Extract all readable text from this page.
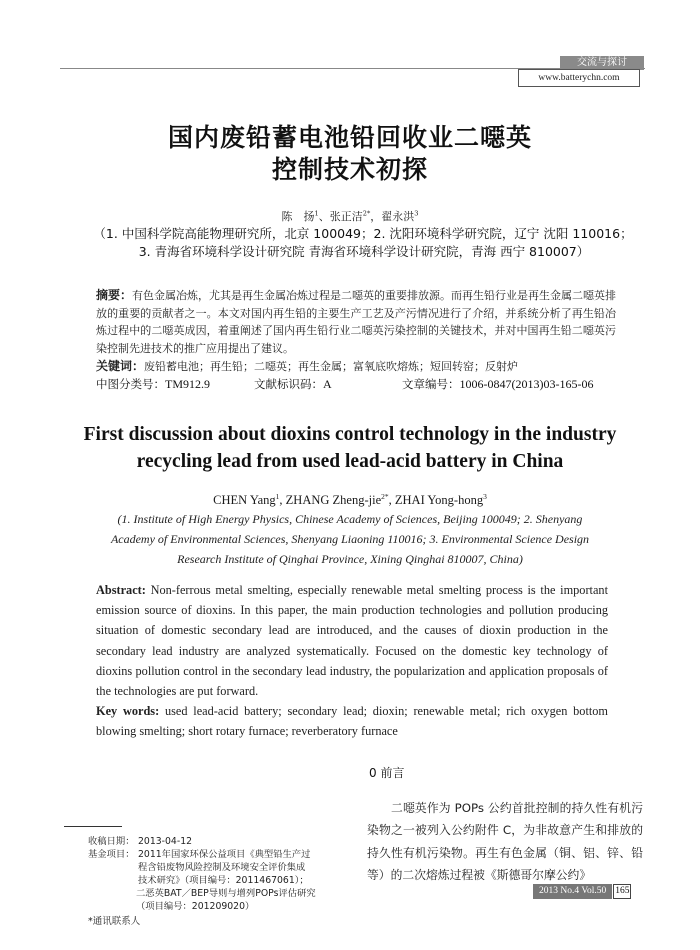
交流与探讨
www.batterychn.com
国内废铅蓄电池铅回收业二噁英
控制技术初探
陈　扬$^1$、张正洁$^{2*}$，翟永洪$^3$
（1. 中国科学院高能物理研究所，北京 100049；2. 沈阳环境科学研究院，辽宁 沈阳 110016；
3. 青海省环境科学设计研究院 青海省环境科学设计研究院，青海 西宁 810007）
摘要：有色金属冶炼，尤其是再生金属冶炼过程是二噁英的重要排放源。而再生铅行业是再生金属二噁英排放的重要的贡献者之一。本文对国内再生铅的主要生产工艺及产污情况进行了介绍，并系统分析了再生铅冶炼过程中的二噁英成因，着重阐述了国内再生铅行业二噁英污染控制的关键技术，并对中国再生铅二噁英污染控制先进技术的推广应用提出了建议。
关键词：废铅蓄电池；再生铅；二噁英；再生金属；富氧底吹熔炼；短回转窑；反射炉
中图分类号：TM912.9	文献标识码：A	文章编号：1006-0847(2013)03-165-06
First discussion about dioxins control technology in the industry
recycling lead from used lead-acid battery in China
CHEN Yang$^1$, ZHANG Zheng-jie$^{2*}$, ZHAI Yong-hong$^3$
(1. Institute of High Energy Physics, Chinese Academy of Sciences, Beijing 100049; 2. Shenyang
Academy of Environmental Sciences, Shenyang Liaoning 110016; 3. Environmental Science Design
Research Institute of Qinghai Province, Xining Qinghai 810007, China)
Abstract: Non-ferrous metal smelting, especially renewable metal smelting process is the important emission source of dioxins. In this paper, the main production technologies and pollution producing situation of domestic secondary lead are introduced, and the causes of dioxin production in the secondary lead industry are analyzed systematically. Focused on the domestic key technology of dioxins pollution control in the secondary lead industry, the popularization and application proposals of the technologies are put forward.
Key words: used lead-acid battery; secondary lead; dioxin; renewable metal; rich oxygen bottom blowing smelting; short rotary furnace; reverberatory furnace
0 前言
二噁英作为 POPs 公约首批控制的持久性有机污染物之一被列入公约附件 C，为非故意产生和排放的持久性有机污染物。再生有色金属（铜、铝、锌、铅等）的二次熔炼过程被《斯德哥尔摩公约》
收稿日期： 2013-04-12
基金项目： 2011年国家环保公益项目《典型铅生产过
程含铅废物风险控制及环境安全评价集成
技术研究》（项目编号：2011467061）；
二恶英BAT／BEP导则与增列POPs评估研究
（项目编号：201209020）
*通讯联系人
2013 No.4 Vol.50 165
